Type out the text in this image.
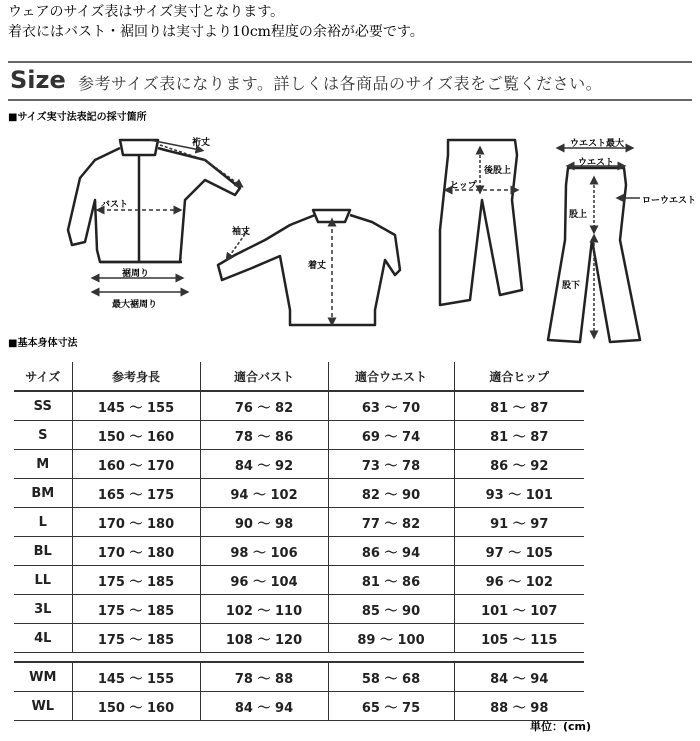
ウェアのサイズ表はサイズ実寸となります。
着衣にはバスト・裾回りは実寸より10cm程度の余裕が必要です。
Size 参考サイズ表になります。詳しくは各商品のサイズ表をご覧ください。
■サイズ実寸法表記の採寸箇所
裄丈
バスト
裾周り
最大裾周り
袖丈
着丈
ヒップ
後股上
ウエスト最大
ウエスト
ローウエスト
股上
股下
■基本身体寸法
サイズ	参考身長	適合バスト	適合ウエスト	適合ヒップ
SS	145 ～ 155	76 ～ 82	63 ～ 70	81 ～ 87
S	150 ～ 160	78 ～ 86	69 ～ 74	81 ～ 87
M	160 ～ 170	84 ～ 92	73 ～ 78	86 ～ 92
BM	165 ～ 175	94 ～ 102	82 ～ 90	93 ～ 101
L	170 ～ 180	90 ～ 98	77 ～ 82	91 ～ 97
BL	170 ～ 180	98 ～ 106	86 ～ 94	97 ～ 105
LL	175 ～ 185	96 ～ 104	81 ～ 86	96 ～ 102
3L	175 ～ 185	102 ～ 110	85 ～ 90	101 ～ 107
4L	175 ～ 185	108 ～ 120	89 ～ 100	105 ～ 115

WM	145 ～ 155	78 ～ 88	58 ～ 68	84 ～ 94
WL	150 ～ 160	84 ～ 94	65 ～ 75	88 ～ 98
単位：(cm)
